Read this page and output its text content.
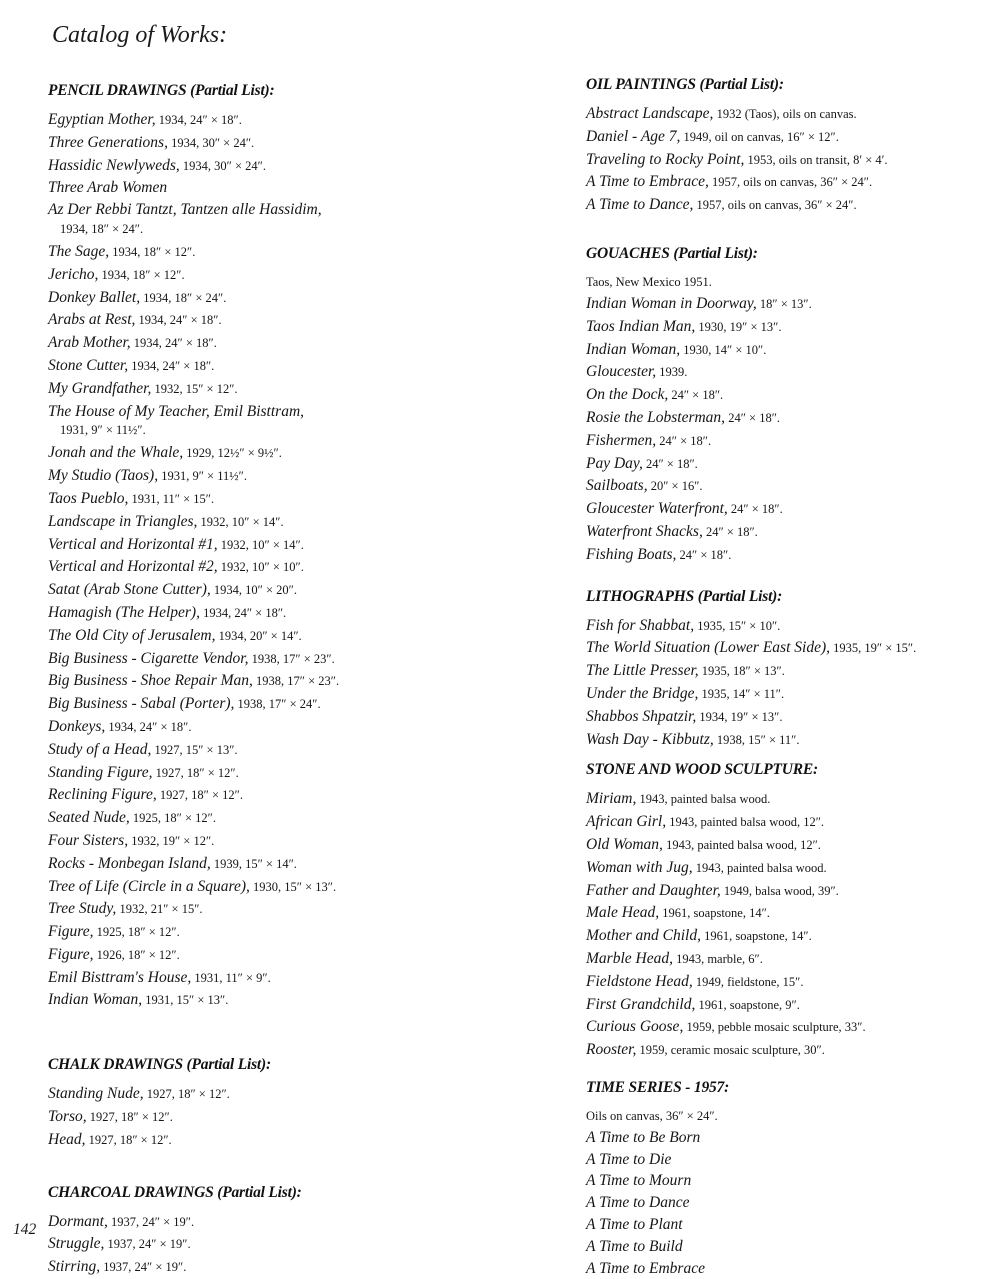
Catalog of Works:
PENCIL DRAWINGS (Partial List):
Egyptian Mother, 1934, 24″ × 18″.
Three Generations, 1934, 30″ × 24″.
Hassidic Newlyweds, 1934, 30″ × 24″.
Three Arab Women
Az Der Rebbi Tantzt, Tantzen alle Hassidim,
1934, 18″ × 24″.
The Sage, 1934, 18″ × 12″.
Jericho, 1934, 18″ × 12″.
Donkey Ballet, 1934, 18″ × 24″.
Arabs at Rest, 1934, 24″ × 18″.
Arab Mother, 1934, 24″ × 18″.
Stone Cutter, 1934, 24″ × 18″.
My Grandfather, 1932, 15″ × 12″.
The House of My Teacher, Emil Bisttram,
1931, 9″ × 11½″.
Jonah and the Whale, 1929, 12½″ × 9½″.
My Studio (Taos), 1931, 9″ × 11½″.
Taos Pueblo, 1931, 11″ × 15″.
Landscape in Triangles, 1932, 10″ × 14″.
Vertical and Horizontal #1, 1932, 10″ × 14″.
Vertical and Horizontal #2, 1932, 10″ × 10″.
Satat (Arab Stone Cutter), 1934, 10″ × 20″.
Hamagish (The Helper), 1934, 24″ × 18″.
The Old City of Jerusalem, 1934, 20″ × 14″.
Big Business - Cigarette Vendor, 1938, 17″ × 23″.
Big Business - Shoe Repair Man, 1938, 17″ × 23″.
Big Business - Sabal (Porter), 1938, 17″ × 24″.
Donkeys, 1934, 24″ × 18″.
Study of a Head, 1927, 15″ × 13″.
Standing Figure, 1927, 18″ × 12″.
Reclining Figure, 1927, 18″ × 12″.
Seated Nude, 1925, 18″ × 12″.
Four Sisters, 1932, 19″ × 12″.
Rocks - Monbegan Island, 1939, 15″ × 14″.
Tree of Life (Circle in a Square), 1930, 15″ × 13″.
Tree Study, 1932, 21″ × 15″.
Figure, 1925, 18″ × 12″.
Figure, 1926, 18″ × 12″.
Emil Bisttram's House, 1931, 11″ × 9″.
Indian Woman, 1931, 15″ × 13″.
CHALK DRAWINGS (Partial List):
Standing Nude, 1927, 18″ × 12″.
Torso, 1927, 18″ × 12″.
Head, 1927, 18″ × 12″.
CHARCOAL DRAWINGS (Partial List):
Dormant, 1937, 24″ × 19″.
Struggle, 1937, 24″ × 19″.
Stirring, 1937, 24″ × 19″.
OIL PAINTINGS (Partial List):
Abstract Landscape, 1932 (Taos), oils on canvas.
Daniel - Age 7, 1949, oil on canvas, 16″ × 12″.
Traveling to Rocky Point, 1953, oils on transit, 8′ × 4′.
A Time to Embrace, 1957, oils on canvas, 36″ × 24″.
A Time to Dance, 1957, oils on canvas, 36″ × 24″.
GOUACHES (Partial List):

Taos, New Mexico 1951.

Indian Woman in Doorway, 18″ × 13″.
Taos Indian Man, 1930, 19″ × 13″.
Indian Woman, 1930, 14″ × 10″.
Gloucester, 1939.
On the Dock, 24″ × 18″.
Rosie the Lobsterman, 24″ × 18″.
Fishermen, 24″ × 18″.
Pay Day, 24″ × 18″.
Sailboats, 20″ × 16″.
Gloucester Waterfront, 24″ × 18″.
Waterfront Shacks, 24″ × 18″.
Fishing Boats, 24″ × 18″.
LITHOGRAPHS (Partial List):
Fish for Shabbat, 1935, 15″ × 10″.
The World Situation (Lower East Side), 1935, 19″ × 15″.
The Little Presser, 1935, 18″ × 13″.
Under the Bridge, 1935, 14″ × 11″.
Shabbos Shpatzir, 1934, 19″ × 13″.
Wash Day - Kibbutz, 1938, 15″ × 11″.
STONE AND WOOD SCULPTURE:
Miriam, 1943, painted balsa wood.
African Girl, 1943, painted balsa wood, 12″.
Old Woman, 1943, painted balsa wood, 12″.
Woman with Jug, 1943, painted balsa wood.
Father and Daughter, 1949, balsa wood, 39″.
Male Head, 1961, soapstone, 14″.
Mother and Child, 1961, soapstone, 14″.
Marble Head, 1943, marble, 6″.
Fieldstone Head, 1949, fieldstone, 15″.
First Grandchild, 1961, soapstone, 9″.
Curious Goose, 1959, pebble mosaic sculpture, 33″.
Rooster, 1959, ceramic mosaic sculpture, 30″.
TIME SERIES - 1957:

Oils on canvas, 36″ × 24″.

A Time to Be Born
A Time to Die
A Time to Mourn
A Time to Dance
A Time to Plant
A Time to Build
A Time to Embrace

142
